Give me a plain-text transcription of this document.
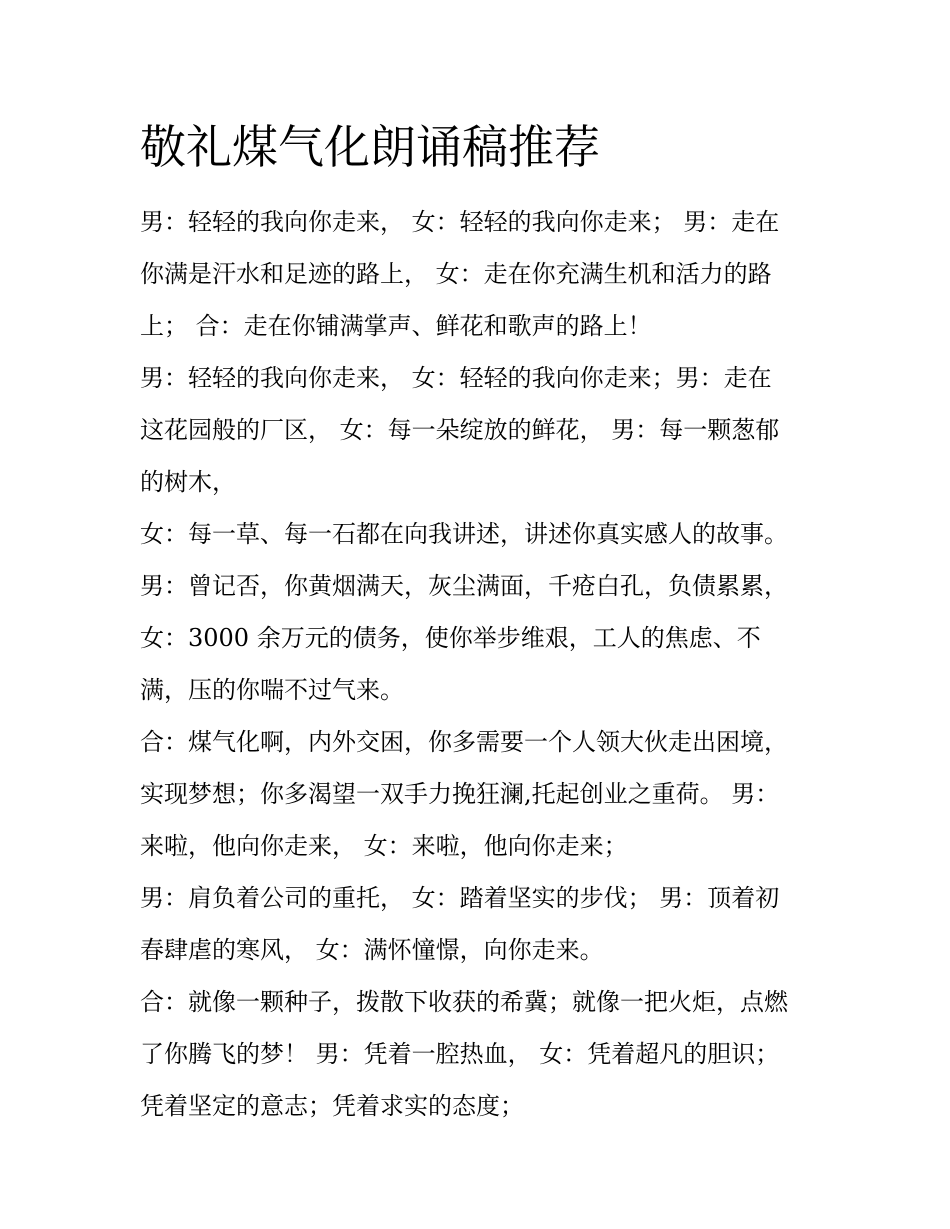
敬礼煤气化朗诵稿推荐

男：轻轻的我向你走来， 女：轻轻的我向你走来； 男：走在
你满是汗水和足迹的路上， 女：走在你充满生机和活力的路
上； 合：走在你铺满掌声、鲜花和歌声的路上！

男：轻轻的我向你走来， 女：轻轻的我向你走来；男：走在
这花园般的厂区， 女：每一朵绽放的鲜花， 男：每一颗葱郁
的树木，

女：每一草、每一石都在向我讲述，讲述你真实感人的故事。

男：曾记否，你黄烟满天，灰尘满面，千疮白孔，负债累累，

女：3000 余万元的债务，使你举步维艰，工人的焦虑、不
满，压的你喘不过气来。

合：煤气化啊，内外交困，你多需要一个人领大伙走出困境，
实现梦想；你多渴望一双手力挽狂澜,托起创业之重荷。 男：
来啦，他向你走来， 女：来啦，他向你走来；

男：肩负着公司的重托， 女：踏着坚实的步伐； 男：顶着初
春肆虐的寒风， 女：满怀憧憬，向你走来。

合：就像一颗种子，拨散下收获的希冀；就像一把火炬，点燃
了你腾飞的梦！ 男：凭着一腔热血， 女：凭着超凡的胆识；
凭着坚定的意志；凭着求实的态度；
